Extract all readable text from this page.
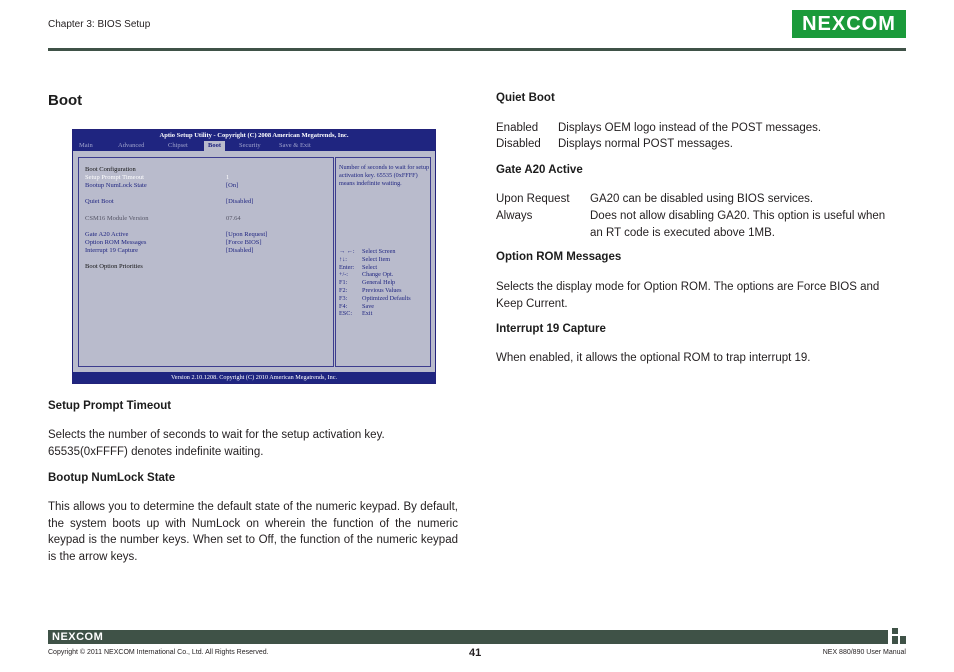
Chapter 3: BIOS Setup	NEXCOM
Boot
Aptio Setup Utility - Copyright (C) 2008 American Megatrends, Inc.
Main	Advanced	Chipset	Boot	Security	Save & Exit
Boot Configuration
Setup Prompt Timeout	1
Bootup NumLock State	[On]
Quiet Boot	[Disabled]
CSM16 Module Version	07.64
Gate A20 Active	[Upon Request]
Option ROM Messages	[Force BIOS]
Interrupt 19 Capture	[Disabled]
Boot Option Priorities
Number of seconds to wait for setup activation key. 65535 (0xFFFF) means indefinite waiting.
→ ←: Select Screen
↑↓: Select Item
Enter: Select
+/-: Change Opt.
F1: General Help
F2: Previous Values
F3: Optimized Defaults
F4: Save
ESC: Exit
Version 2.10.1208. Copyright (C) 2010 American Megatrends, Inc.
Setup Prompt Timeout
Selects the number of seconds to wait for the setup activation key. 65535(0xFFFF) denotes indefinite waiting.
Bootup NumLock State
This allows you to determine the default state of the numeric keypad. By default, the system boots up with NumLock on wherein the function of the numeric keypad is the number keys. When set to Off, the function of the numeric keypad is the arrow keys.
Quiet Boot
Enabled Displays OEM logo instead of the POST messages.
Disabled Displays normal POST messages.
Gate A20 Active
Upon Request GA20 can be disabled using BIOS services.
Always	Does not allow disabling GA20. This option is useful when an RT code is executed above 1MB.
Option ROM Messages
Selects the display mode for Option ROM. The options are Force BIOS and Keep Current.
Interrupt 19 Capture
When enabled, it allows the optional ROM to trap interrupt 19.
NEXCOM
Copyright © 2011 NEXCOM International Co., Ltd. All Rights Reserved.	41	NEX 880/890 User Manual
